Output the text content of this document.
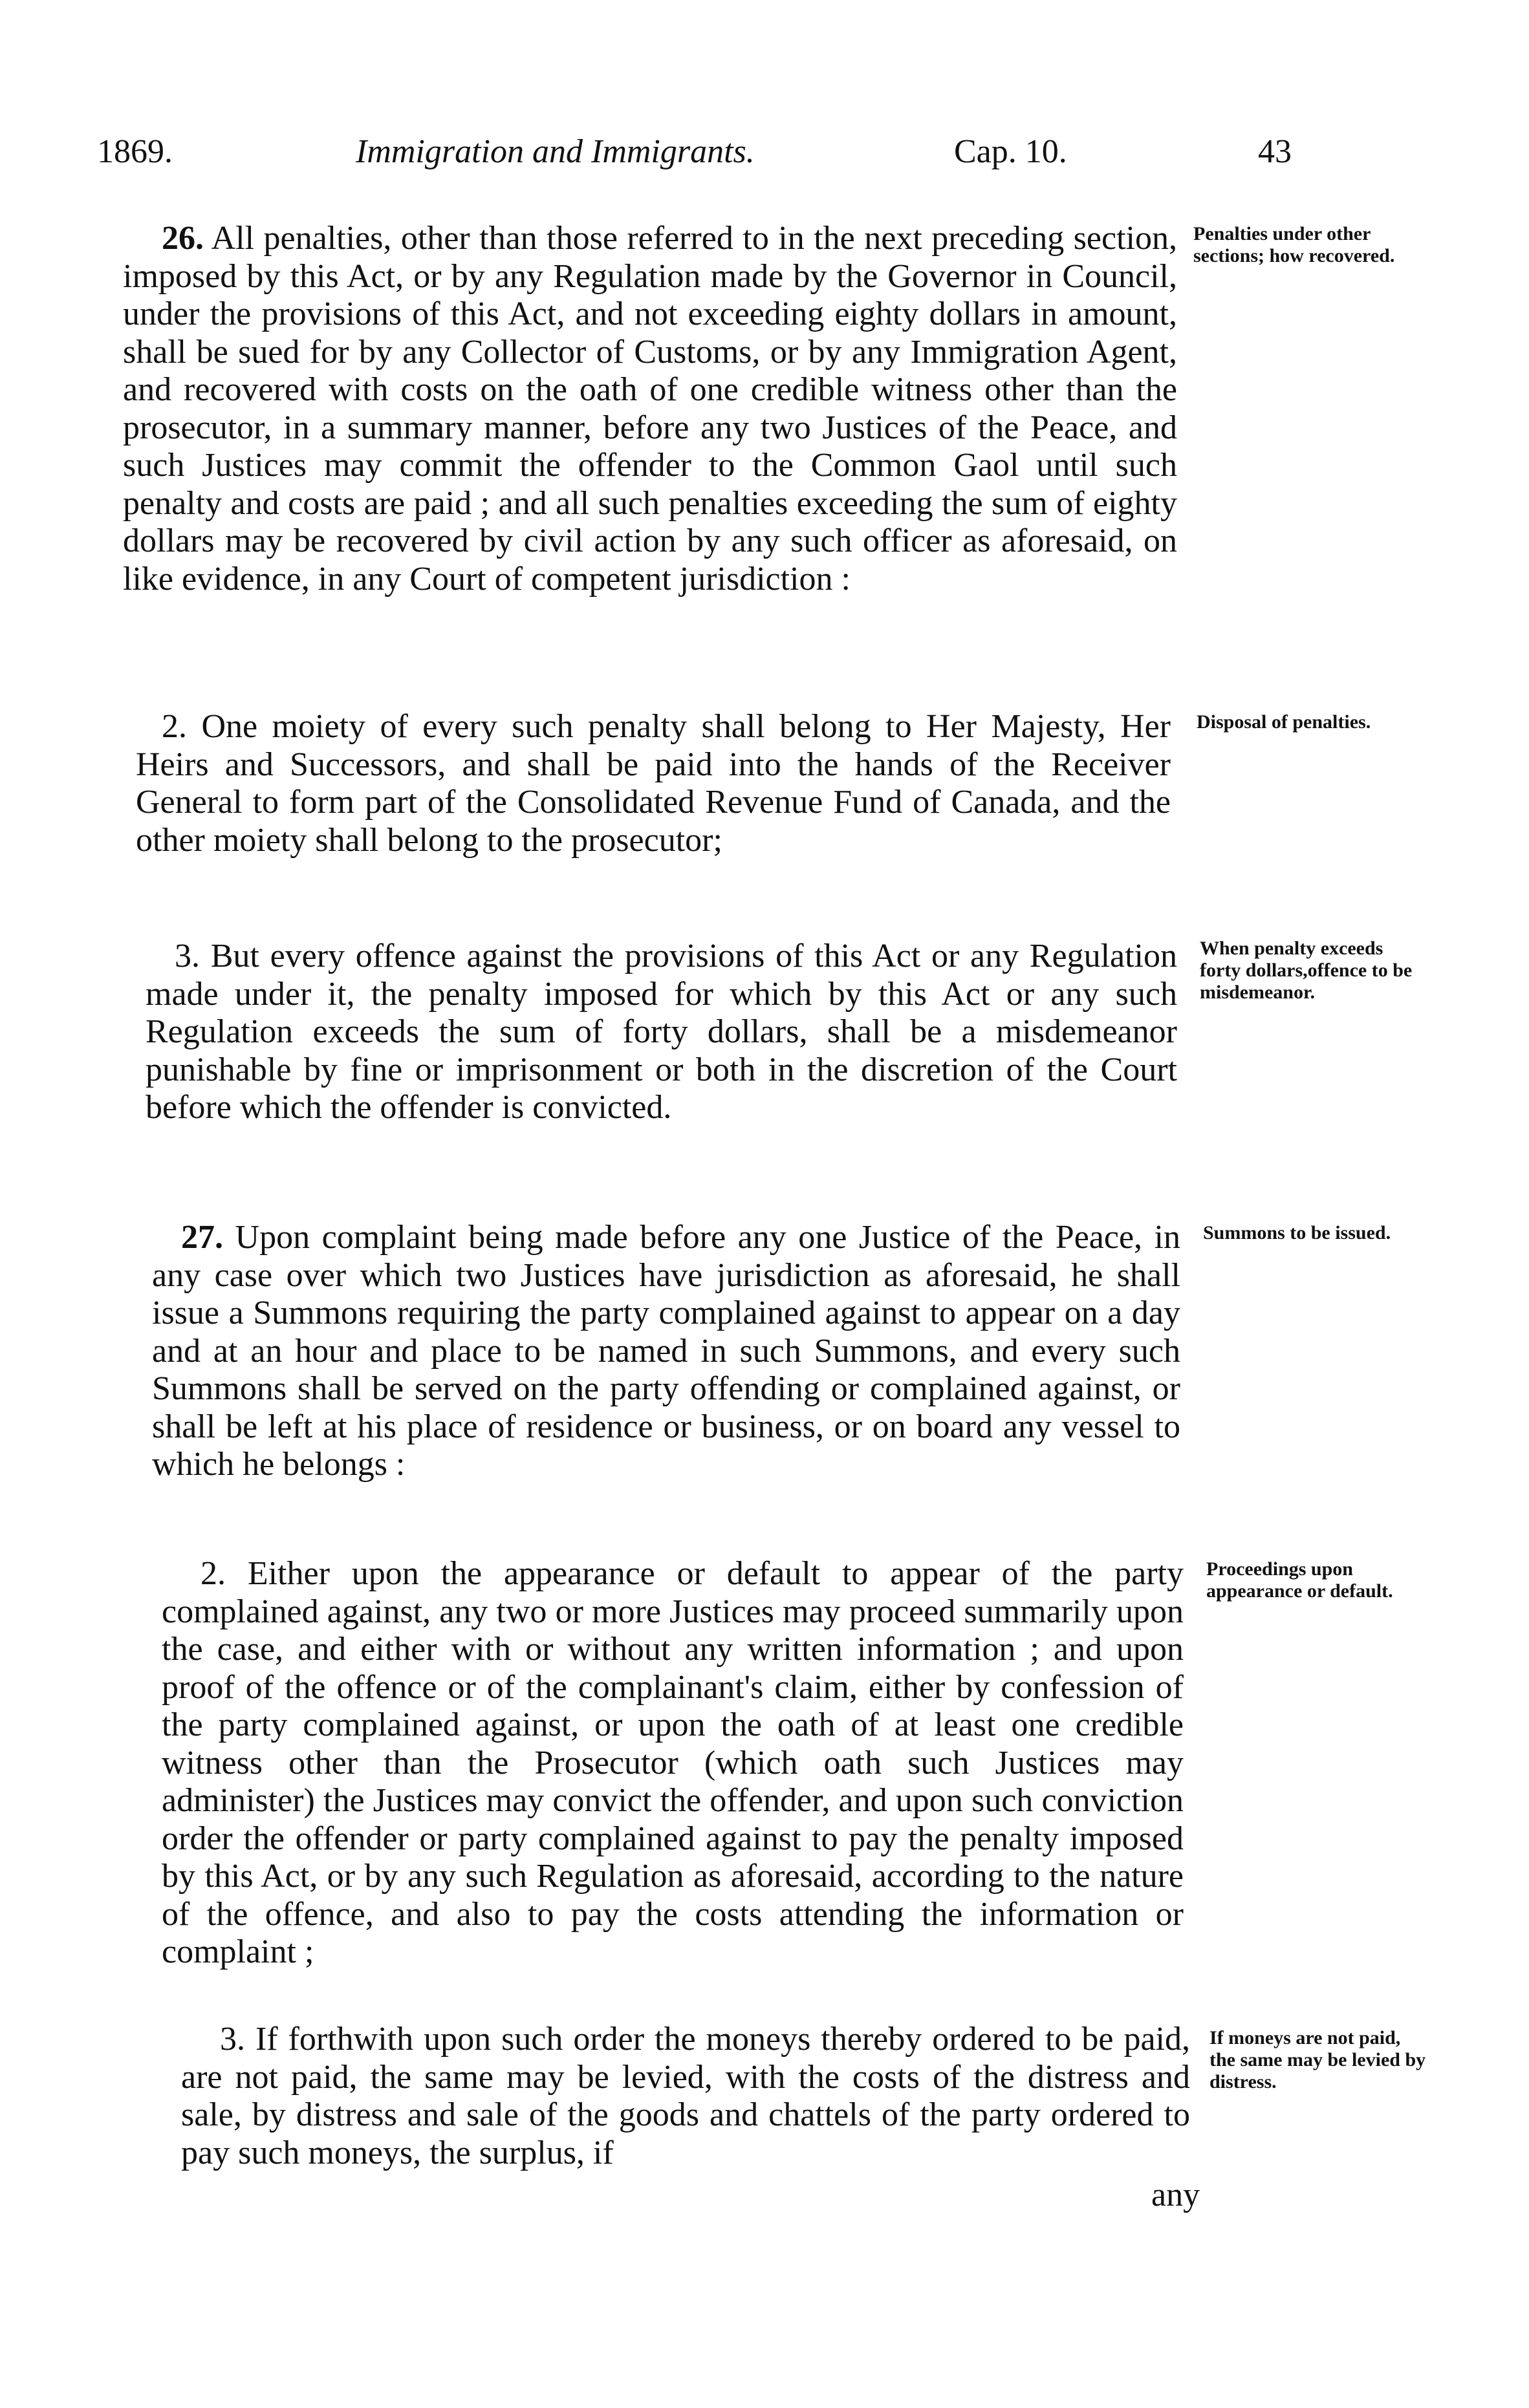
1869.	Immigration and Immigrants.	Cap. 10.	43

26. All penalties, other than those referred to in the next preceding section, imposed by this Act, or by any Regulation made by the Governor in Council, under the provisions of this Act, and not exceeding eighty dollars in amount, shall be sued for by any Collector of Customs, or by any Immigration Agent, and recovered with costs on the oath of one credible witness other than the prosecutor, in a summary manner, before any two Justices of the Peace, and such Justices may commit the offender to the Common Gaol until such penalty and costs are paid ; and all such penalties exceeding the sum of eighty dollars may be recovered by civil action by any such officer as aforesaid, on like evidence, in any Court of competent jurisdiction :

Penalties under other sections; how recovered.

2. One moiety of every such penalty shall belong to Her Majesty, Her Heirs and Successors, and shall be paid into the hands of the Receiver General to form part of the Consolidated Revenue Fund of Canada, and the other moiety shall belong to the prosecutor;

Disposal of penalties.

3. But every offence against the provisions of this Act or any Regulation made under it, the penalty imposed for which by this Act or any such Regulation exceeds the sum of forty dollars, shall be a misdemeanor punishable by fine or imprisonment or both in the discretion of the Court before which the offender is convicted.

When penalty exceeds forty dollars,offence to be misdemeanor.

27. Upon complaint being made before any one Justice of the Peace, in any case over which two Justices have jurisdiction as aforesaid, he shall issue a Summons requiring the party complained against to appear on a day and at an hour and place to be named in such Summons, and every such Summons shall be served on the party offending or complained against, or shall be left at his place of residence or business, or on board any vessel to which he belongs :

Summons to be issued.

2. Either upon the appearance or default to appear of the party complained against, any two or more Justices may proceed summarily upon the case, and either with or without any written information ; and upon proof of the offence or of the complainant's claim, either by confession of the party complained against, or upon the oath of at least one credible witness other than the Prosecutor (which oath such Justices may administer) the Justices may convict the offender, and upon such conviction order the offender or party complained against to pay the penalty imposed by this Act, or by any such Regulation as aforesaid, according to the nature of the offence, and also to pay the costs attending the information or complaint ;

Proceedings upon appearance or default.

3. If forthwith upon such order the moneys thereby ordered to be paid, are not paid, the same may be levied, with the costs of the distress and sale, by distress and sale of the goods and chattels of the party ordered to pay such moneys, the surplus, if

If moneys are not paid, the same may be levied by distress.

any
